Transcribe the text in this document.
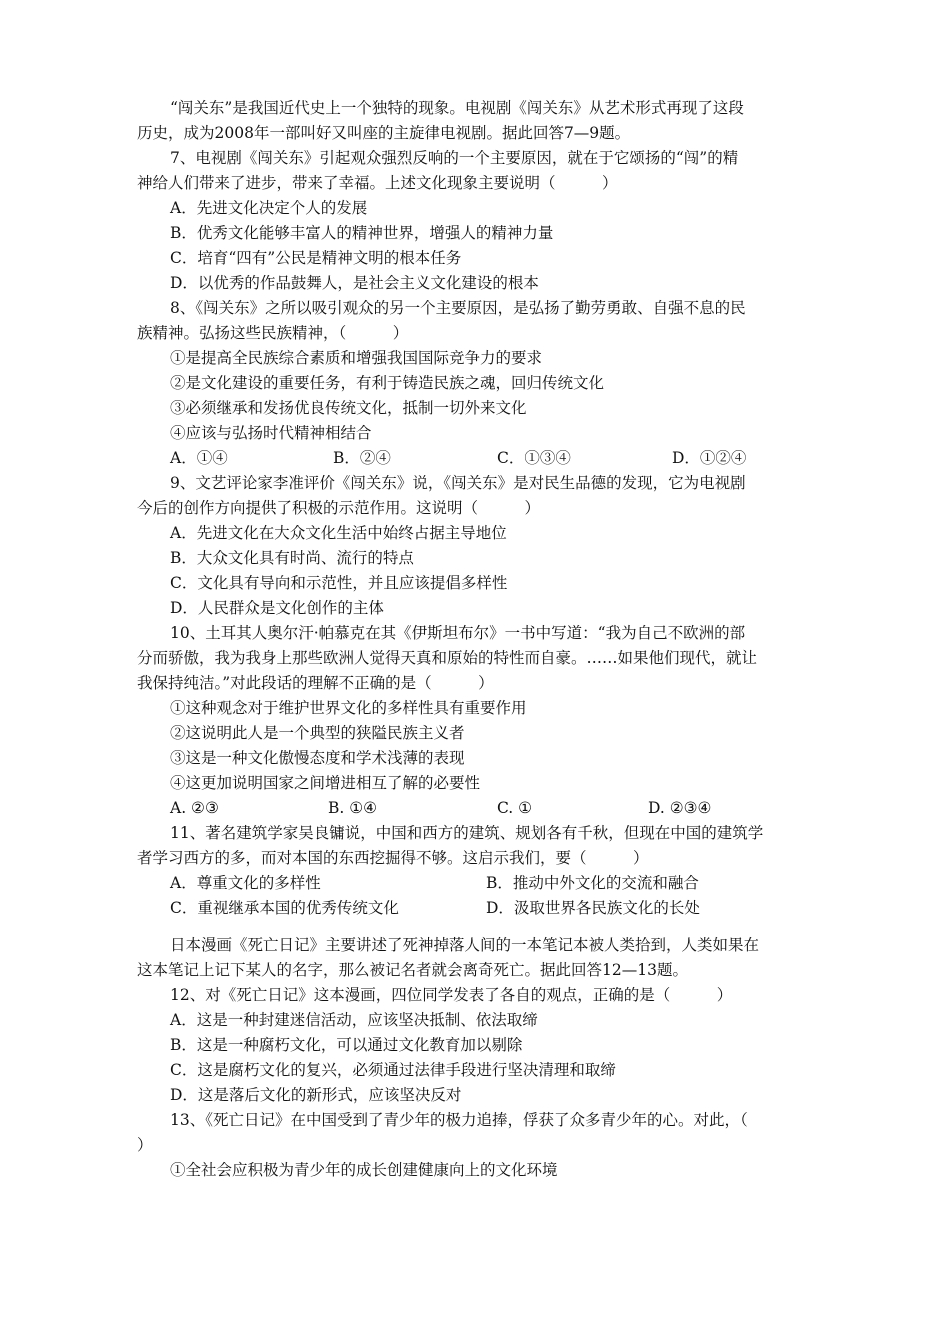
“闯关东”是我国近代史上一个独特的现象。电视剧《闯关东》从艺术形式再现了这段

历史，成为2008年一部叫好又叫座的主旋律电视剧。据此回答7—9题。

7、电视剧《闯关东》引起观众强烈反响的一个主要原因，就在于它颂扬的“闯”的精

神给人们带来了进步，带来了幸福。上述文化现象主要说明（　　　）

A．先进文化决定个人的发展

B．优秀文化能够丰富人的精神世界，增强人的精神力量

C．培育“四有”公民是精神文明的根本任务

D．以优秀的作品鼓舞人，是社会主义文化建设的根本

8、《闯关东》之所以吸引观众的另一个主要原因，是弘扬了勤劳勇敢、自强不息的民

族精神。弘扬这些民族精神，（　　　）

①是提高全民族综合素质和增强我国国际竞争力的要求

②是文化建设的重要任务，有利于铸造民族之魂，回归传统文化

③必须继承和发扬优良传统文化，抵制一切外来文化

④应该与弘扬时代精神相结合

A．①④	B．②④	C．①③④	D．①②④

9、文艺评论家李准评价《闯关东》说，《闯关东》是对民生品德的发现，它为电视剧

今后的创作方向提供了积极的示范作用。这说明（　　　）

A．先进文化在大众文化生活中始终占据主导地位

B．大众文化具有时尚、流行的特点

C．文化具有导向和示范性，并且应该提倡多样性

D．人民群众是文化创作的主体

10、土耳其人奥尔汗·帕慕克在其《伊斯坦布尔》一书中写道：“我为自己不欧洲的部

分而骄傲，我为我身上那些欧洲人觉得天真和原始的特性而自豪。……如果他们现代，就让

我保持纯洁。”对此段话的理解不正确的是（　　　）

①这种观念对于维护世界文化的多样性具有重要作用

②这说明此人是一个典型的狭隘民族主义者

③这是一种文化傲慢态度和学术浅薄的表现

④这更加说明国家之间增进相互了解的必要性

A. ②③	B. ①④	C. ①	D. ②③④

11、著名建筑学家吴良镛说，中国和西方的建筑、规划各有千秋，但现在中国的建筑学

者学习西方的多，而对本国的东西挖掘得不够。这启示我们，要（　　　）

A．尊重文化的多样性	B．推动中外文化的交流和融合
C．重视继承本国的优秀传统文化	D．汲取世界各民族文化的长处

日本漫画《死亡日记》主要讲述了死神掉落人间的一本笔记本被人类拾到，人类如果在

这本笔记上记下某人的名字，那么被记名者就会离奇死亡。据此回答12—13题。

12、对《死亡日记》这本漫画，四位同学发表了各自的观点，正确的是（　　　）

A．这是一种封建迷信活动，应该坚决抵制、依法取缔

B．这是一种腐朽文化，可以通过文化教育加以剔除

C．这是腐朽文化的复兴，必须通过法律手段进行坚决清理和取缔

D．这是落后文化的新形式，应该坚决反对

13、《死亡日记》在中国受到了青少年的极力追捧，俘获了众多青少年的心。对此，（

）

①全社会应积极为青少年的成长创建健康向上的文化环境
